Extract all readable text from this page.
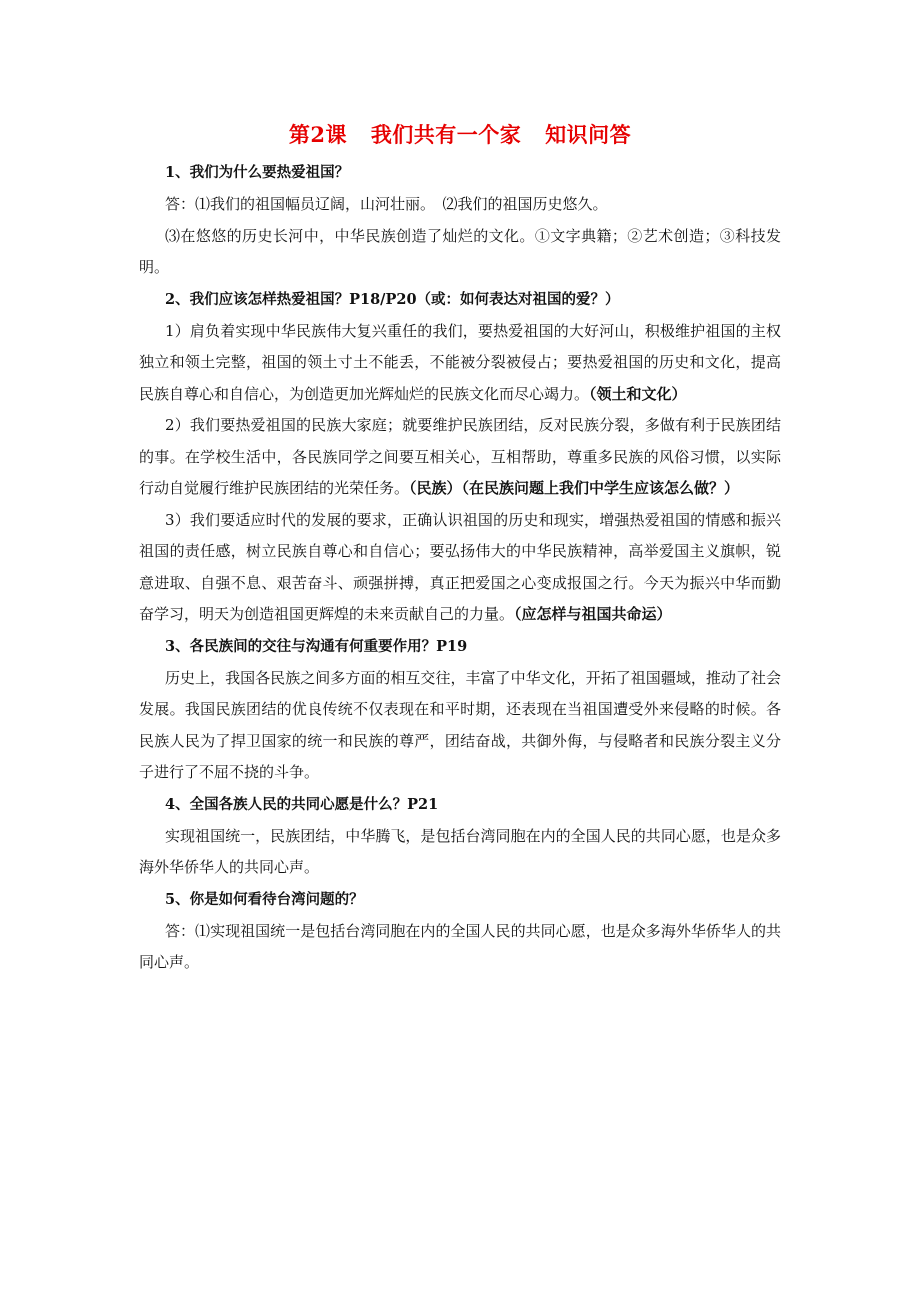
第2课 我们共有一个家 知识问答

1、我们为什么要热爱祖国？

答：⑴我们的祖国幅员辽阔，山河壮丽。　⑵我们的祖国历史悠久。

⑶在悠悠的历史长河中，中华民族创造了灿烂的文化。①文字典籍；②艺术创造；③科技发明。

2、我们应该怎样热爱祖国？P18/P20（或：如何表达对祖国的爱？）

1）肩负着实现中华民族伟大复兴重任的我们，要热爱祖国的大好河山，积极维护祖国的主权独立和领土完整，祖国的领土寸土不能丢，不能被分裂被侵占；要热爱祖国的历史和文化，提高民族自尊心和自信心，为创造更加光辉灿烂的民族文化而尽心竭力。（领土和文化）

2）我们要热爱祖国的民族大家庭；就要维护民族团结，反对民族分裂，多做有利于民族团结的事。在学校生活中，各民族同学之间要互相关心，互相帮助，尊重多民族的风俗习惯，以实际行动自觉履行维护民族团结的光荣任务。（民族）（在民族问题上我们中学生应该怎么做？）

3）我们要适应时代的发展的要求，正确认识祖国的历史和现实，增强热爱祖国的情感和振兴祖国的责任感，树立民族自尊心和自信心；要弘扬伟大的中华民族精神，高举爱国主义旗帜，锐意进取、自强不息、艰苦奋斗、顽强拼搏，真正把爱国之心变成报国之行。今天为振兴中华而勤奋学习，明天为创造祖国更辉煌的未来贡献自己的力量。（应怎样与祖国共命运）

3、各民族间的交往与沟通有何重要作用？P19

历史上，我国各民族之间多方面的相互交往，丰富了中华文化，开拓了祖国疆域，推动了社会发展。我国民族团结的优良传统不仅表现在和平时期，还表现在当祖国遭受外来侵略的时候。各民族人民为了捍卫国家的统一和民族的尊严，团结奋战，共御外侮，与侵略者和民族分裂主义分子进行了不屈不挠的斗争。

4、全国各族人民的共同心愿是什么？P21

实现祖国统一，民族团结，中华腾飞，是包括台湾同胞在内的全国人民的共同心愿，也是众多海外华侨华人的共同心声。

5、你是如何看待台湾问题的？

答：⑴实现祖国统一是包括台湾同胞在内的全国人民的共同心愿，也是众多海外华侨华人的共同心声。
